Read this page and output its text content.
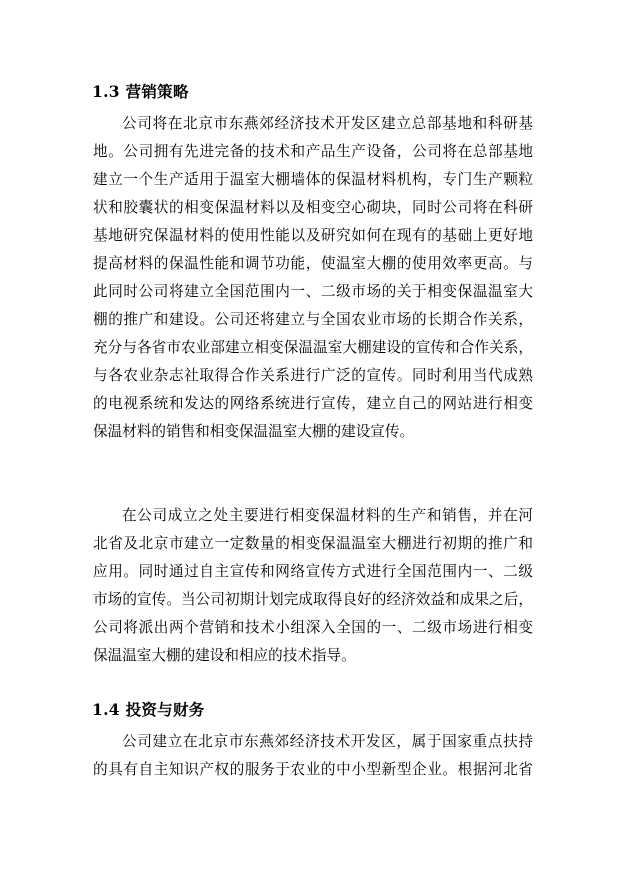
1.3 营销策略
公司将在北京市东燕郊经济技术开发区建立总部基地和科研基
地。公司拥有先进完备的技术和产品生产设备，公司将在总部基地
建立一个生产适用于温室大棚墙体的保温材料机构，专门生产颗粒
状和胶囊状的相变保温材料以及相变空心砌块，同时公司将在科研
基地研究保温材料的使用性能以及研究如何在现有的基础上更好地
提高材料的保温性能和调节功能，使温室大棚的使用效率更高。与
此同时公司将建立全国范围内一、二级市场的关于相变保温温室大
棚的推广和建设。公司还将建立与全国农业市场的长期合作关系，
充分与各省市农业部建立相变保温温室大棚建设的宣传和合作关系，
与各农业杂志社取得合作关系进行广泛的宣传。同时利用当代成熟
的电视系统和发达的网络系统进行宣传，建立自己的网站进行相变
保温材料的销售和相变保温温室大棚的建设宣传。
在公司成立之处主要进行相变保温材料的生产和销售，并在河
北省及北京市建立一定数量的相变保温温室大棚进行初期的推广和
应用。同时通过自主宣传和网络宣传方式进行全国范围内一、二级
市场的宣传。当公司初期计划完成取得良好的经济效益和成果之后，
公司将派出两个营销和技术小组深入全国的一、二级市场进行相变
保温温室大棚的建设和相应的技术指导。
1.4 投资与财务
公司建立在北京市东燕郊经济技术开发区，属于国家重点扶持
的具有自主知识产权的服务于农业的中小型新型企业。根据河北省
